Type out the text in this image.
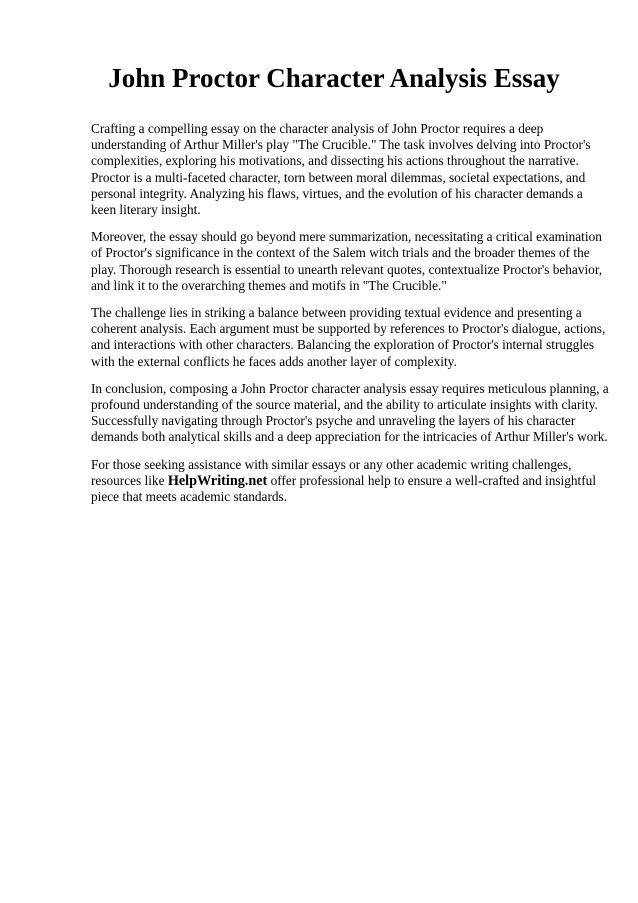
John Proctor Character Analysis Essay

Crafting a compelling essay on the character analysis of John Proctor requires a deep
understanding of Arthur Miller's play "The Crucible." The task involves delving into Proctor's
complexities, exploring his motivations, and dissecting his actions throughout the narrative.
Proctor is a multi-faceted character, torn between moral dilemmas, societal expectations, and
personal integrity. Analyzing his flaws, virtues, and the evolution of his character demands a
keen literary insight.

Moreover, the essay should go beyond mere summarization, necessitating a critical examination
of Proctor's significance in the context of the Salem witch trials and the broader themes of the
play. Thorough research is essential to unearth relevant quotes, contextualize Proctor's behavior,
and link it to the overarching themes and motifs in "The Crucible."

The challenge lies in striking a balance between providing textual evidence and presenting a
coherent analysis. Each argument must be supported by references to Proctor's dialogue, actions,
and interactions with other characters. Balancing the exploration of Proctor's internal struggles
with the external conflicts he faces adds another layer of complexity.

In conclusion, composing a John Proctor character analysis essay requires meticulous planning, a
profound understanding of the source material, and the ability to articulate insights with clarity.
Successfully navigating through Proctor's psyche and unraveling the layers of his character
demands both analytical skills and a deep appreciation for the intricacies of Arthur Miller's work.

For those seeking assistance with similar essays or any other academic writing challenges,
resources like HelpWriting.net offer professional help to ensure a well-crafted and insightful
piece that meets academic standards.
